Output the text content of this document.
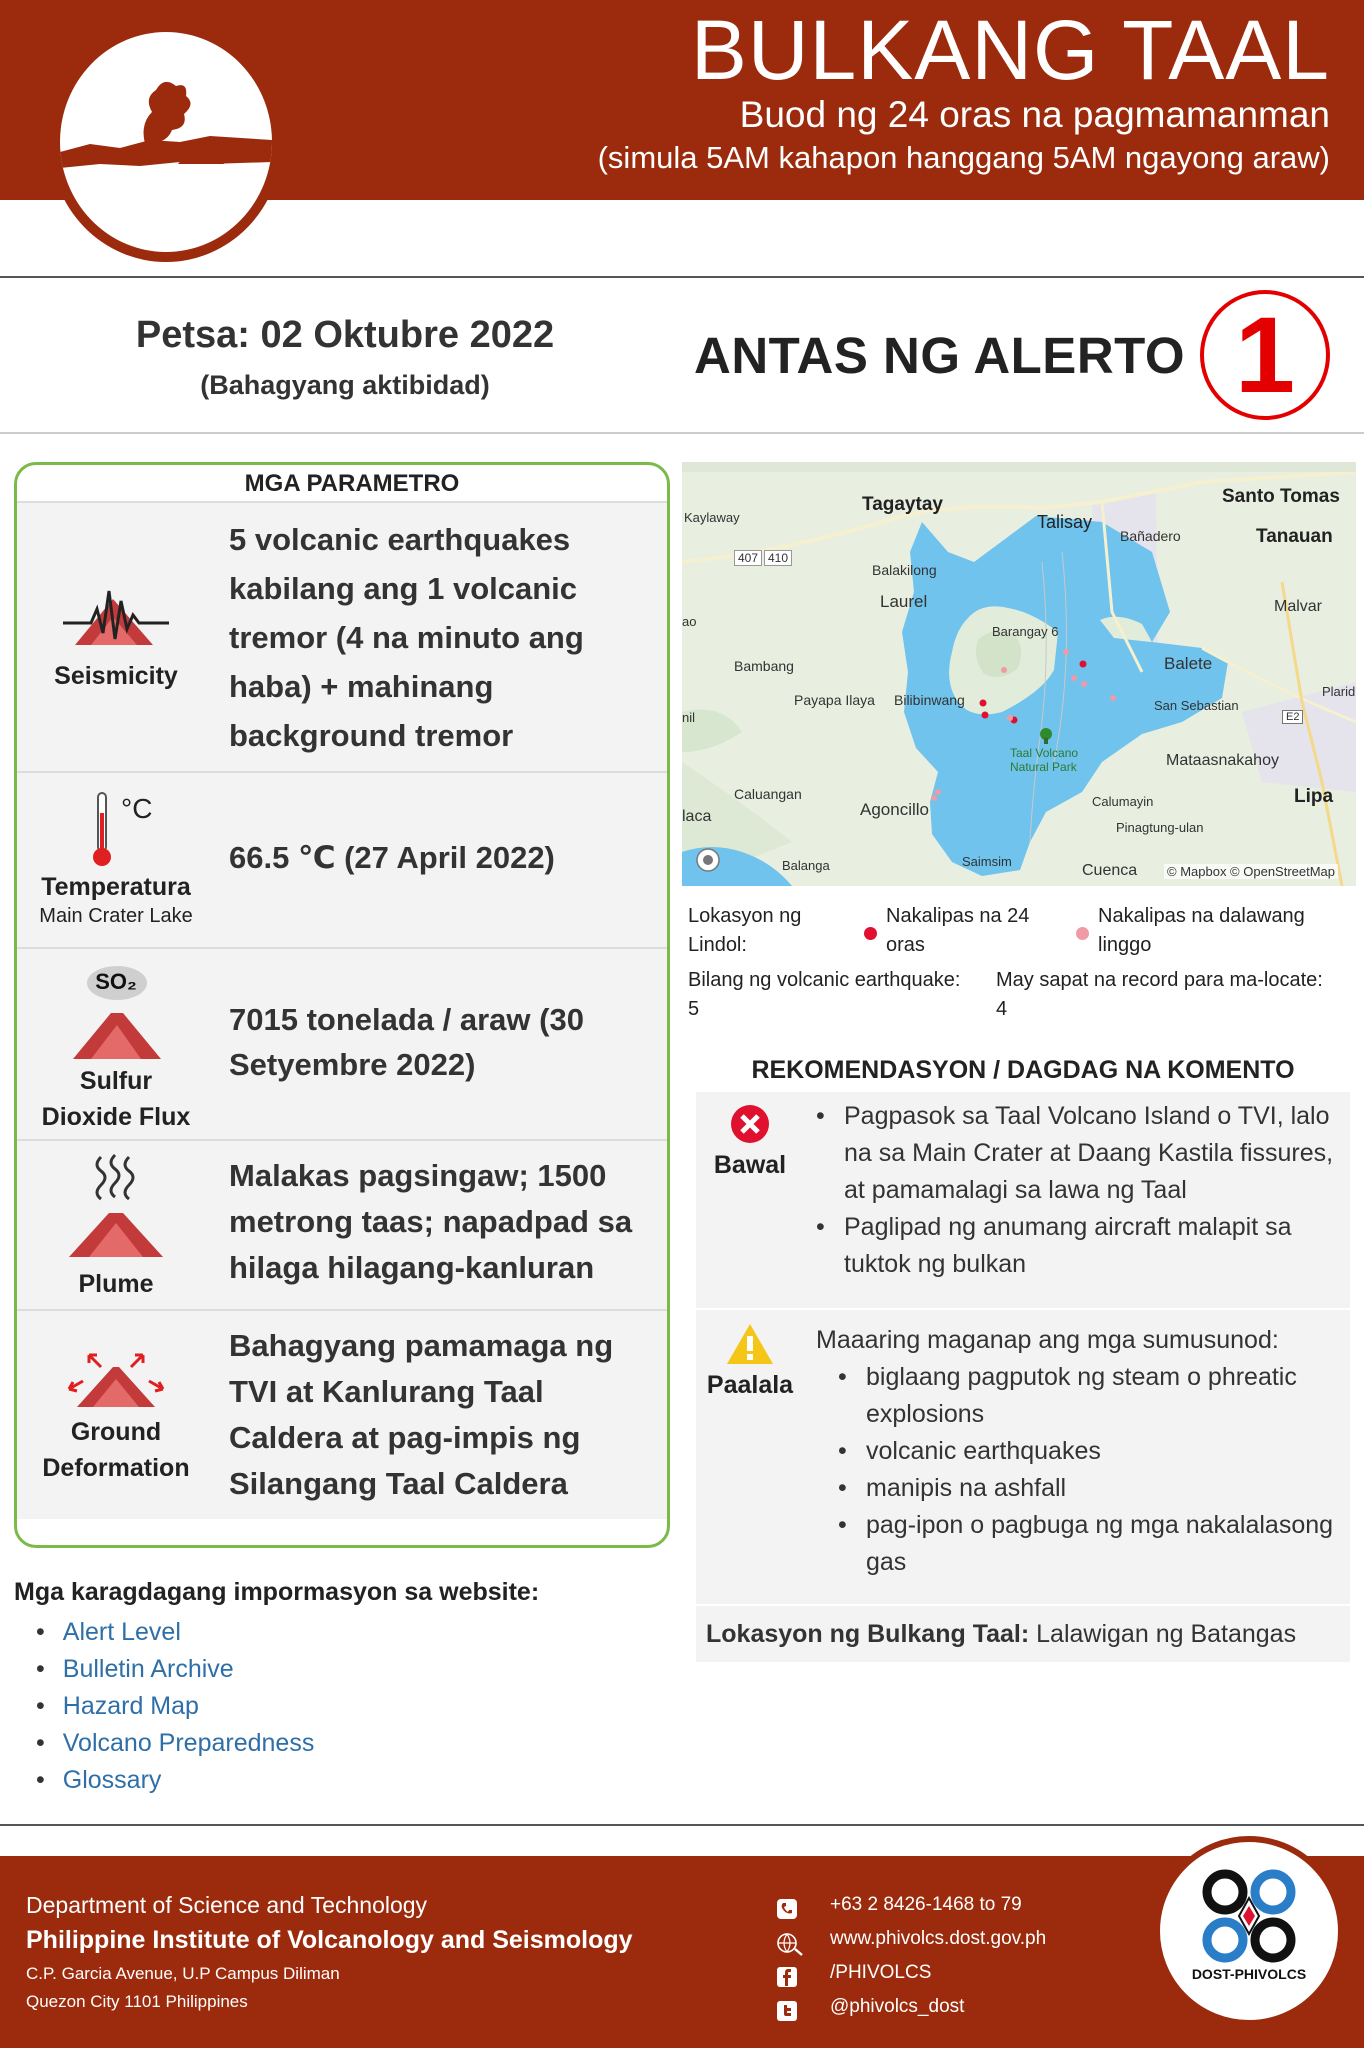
BULKANG TAAL
Buod ng 24 oras na pagmamanman
(simula 5AM kahapon hanggang 5AM ngayong araw)
Petsa: 02 Oktubre 2022
(Bahagyang aktibidad)
ANTAS NG ALERTO 1
MGA PARAMETRO
Seismicity
5 volcanic earthquakes kabilang ang 1 volcanic tremor (4 na minuto ang haba) + mahinang background tremor
°C
Temperatura
Main Crater Lake
66.5 ℃ (27 April 2022)
SO₂
Sulfur
Dioxide Flux
7015 tonelada / araw (30 Setyembre 2022)
Plume
Malakas pagsingaw; 1500 metrong taas; napadpad sa hilaga hilagang-kanluran
Ground
Deformation
Bahagyang pamamaga ng TVI at Kanlurang Taal Caldera at pag-impis ng Silangang Taal Caldera
Mga karagdagang impormasyon sa website:
• Alert Level
• Bulletin Archive
• Hazard Map
• Volcano Preparedness
• Glossary
Tagaytay
Talisay
Santo Tomas
Tanauan
Bañadero
Kaylaway
407 410
Balakilong
Laurel	Malvar
Barangay 6
ao
Bambang	Balete
Plarid
Payapa Ilaya Bilibinwang	San Sebastian
E2
nil
Taal Volcano
Natural Park	Mataasnakahoy
Caluangan	Lipa
Agoncillo	Calumayin
Pinagtung-ulan
laca
Balanga	Saimsim
Cuenca © Mapbox © OpenStreetMap
Lokasyon ng Lindol:
Nakalipas na 24 oras
Nakalipas na dalawang linggo
Bilang ng volcanic earthquake:
5
May sapat na record para ma-locate:
4
REKOMENDASYON / DAGDAG NA KOMENTO
Bawal
• Pagpasok sa Taal Volcano Island o TVI, lalo na sa Main Crater at Daang Kastila fissures, at pamamalagi sa lawa ng Taal
• Paglipad ng anumang aircraft malapit sa tuktok ng bulkan
Paalala
Maaaring maganap ang mga sumusunod:
• biglaang pagputok ng steam o phreatic explosions
• volcanic earthquakes
• manipis na ashfall
• pag-ipon o pagbuga ng mga nakalalasong gas
Lokasyon ng Bulkang Taal: Lalawigan ng Batangas
Department of Science and Technology
Philippine Institute of Volcanology and Seismology
C.P. Garcia Avenue, U.P Campus Diliman
Quezon City 1101 Philippines
+63 2 8426-1468 to 79
www.phivolcs.dost.gov.ph
/PHIVOLCS
@phivolcs_dost
DOST-PHIVOLCS
